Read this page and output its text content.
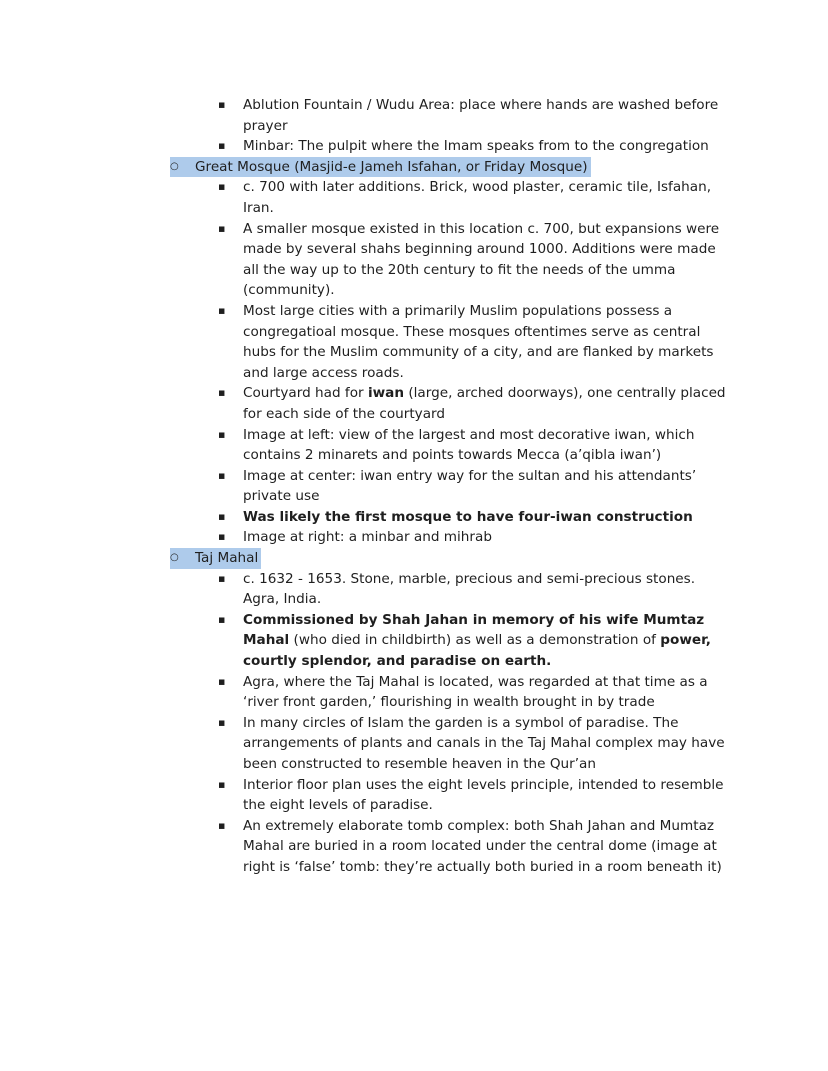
▪	Ablution Fountain / Wudu Area: place where hands are washed before prayer
▪	Minbar: The pulpit where the Imam speaks from to the congregation
○	Great Mosque (Masjid-e Jameh Isfahan, or Friday Mosque)
▪	c. 700 with later additions. Brick, wood plaster, ceramic tile, Isfahan, Iran.
▪	A smaller mosque existed in this location c. 700, but expansions were made by several shahs beginning around 1000. Additions were made all the way up to the 20th century to fit the needs of the umma (community).
▪	Most large cities with a primarily Muslim populations possess a congregatioal mosque. These mosques oftentimes serve as central hubs for the Muslim community of a city, and are flanked by markets and large access roads.
▪	Courtyard had for iwan (large, arched doorways), one centrally placed for each side of the courtyard
▪	Image at left: view of the largest and most decorative iwan, which contains 2 minarets and points towards Mecca (a’qibla iwan’)
▪	Image at center: iwan entry way for the sultan and his attendants’ private use
▪	Was likely the first mosque to have four-iwan construction
▪	Image at right: a minbar and mihrab
○	Taj Mahal
▪	c. 1632 - 1653. Stone, marble, precious and semi-precious stones. Agra, India.
▪	Commissioned by Shah Jahan in memory of his wife Mumtaz Mahal (who died in childbirth) as well as a demonstration of power, courtly splendor, and paradise on earth.
▪	Agra, where the Taj Mahal is located, was regarded at that time as a ‘river front garden,’ flourishing in wealth brought in by trade
▪	In many circles of Islam the garden is a symbol of paradise. The arrangements of plants and canals in the Taj Mahal complex may have been constructed to resemble heaven in the Qur’an
▪	Interior floor plan uses the eight levels principle, intended to resemble the eight levels of paradise.
▪	An extremely elaborate tomb complex: both Shah Jahan and Mumtaz Mahal are buried in a room located under the central dome (image at right is ‘false’ tomb: they’re actually both buried in a room beneath it)
